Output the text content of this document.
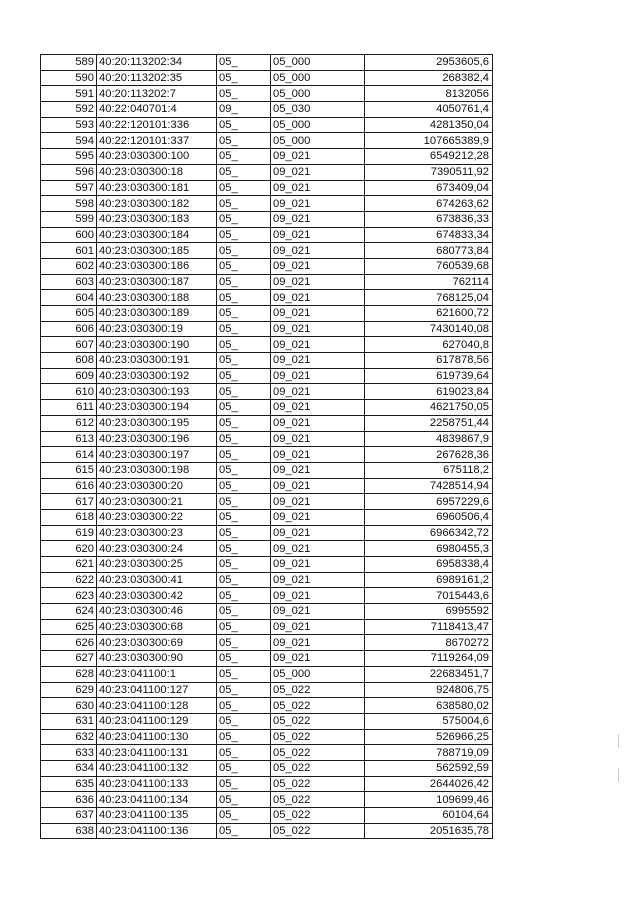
589	40:20:113202:34	05_	05_000	2953605,6
590	40:20:113202:35	05_	05_000	268382,4
591	40:20:113202:7	05_	05_000	8132056
592	40:22:040701:4	09_	05_030	4050761,4
593	40:22:120101:336	05_	05_000	4281350,04
594	40:22:120101:337	05_	05_000	107665389,9
595	40:23:030300:100	05_	09_021	6549212,28
596	40:23:030300:18	05_	09_021	7390511,92
597	40:23:030300:181	05_	09_021	673409,04
598	40:23:030300:182	05_	09_021	674263,62
599	40:23:030300:183	05_	09_021	673836,33
600	40:23:030300:184	05_	09_021	674833,34
601	40:23:030300:185	05_	09_021	680773,84
602	40:23:030300:186	05_	09_021	760539,68
603	40:23:030300:187	05_	09_021	762114
604	40:23:030300:188	05_	09_021	768125,04
605	40:23:030300:189	05_	09_021	621600,72
606	40:23:030300:19	05_	09_021	7430140,08
607	40:23:030300:190	05_	09_021	627040,8
608	40:23:030300:191	05_	09_021	617878,56
609	40:23:030300:192	05_	09_021	619739,64
610	40:23:030300:193	05_	09_021	619023,84
611	40:23:030300:194	05_	09_021	4621750,05
612	40:23:030300:195	05_	09_021	2258751,44
613	40:23:030300:196	05_	09_021	4839867,9
614	40:23:030300:197	05_	09_021	267628,36
615	40:23:030300:198	05_	09_021	675118,2
616	40:23:030300:20	05_	09_021	7428514,94
617	40:23:030300:21	05_	09_021	6957229,6
618	40:23:030300:22	05_	09_021	6960506,4
619	40:23:030300:23	05_	09_021	6966342,72
620	40:23:030300:24	05_	09_021	6980455,3
621	40:23:030300:25	05_	09_021	6958338,4
622	40:23:030300:41	05_	09_021	6989161,2
623	40:23:030300:42	05_	09_021	7015443,6
624	40:23:030300:46	05_	09_021	6995592
625	40:23:030300:68	05_	09_021	7118413,47
626	40:23:030300:69	05_	09_021	8670272
627	40:23:030300:90	05_	09_021	7119264,09
628	40:23:041100:1	05_	05_000	22683451,7
629	40:23:041100:127	05_	05_022	924806,75
630	40:23:041100:128	05_	05_022	638580,02
631	40:23:041100:129	05_	05_022	575004,6
632	40:23:041100:130	05_	05_022	526966,25
633	40:23:041100:131	05_	05_022	788719,09
634	40:23:041100:132	05_	05_022	562592,59
635	40:23:041100:133	05_	05_022	2644026,42
636	40:23:041100:134	05_	05_022	109699,46
637	40:23:041100:135	05_	05_022	60104,64
638	40:23:041100:136	05_	05_022	2051635,78
